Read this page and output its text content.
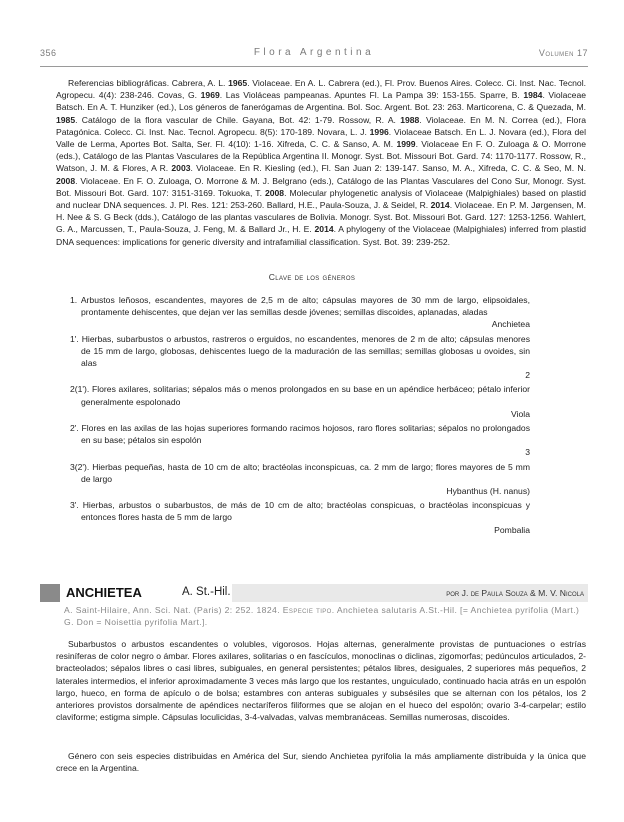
356	Flora Argentina	Volumen 17
Referencias bibliográficas. Cabrera, A. L. 1965. Violaceae. En A. L. Cabrera (ed.), Fl. Prov. Buenos Aires. Colecc. Ci. Inst. Nac. Tecnol. Agropecu. 4(4): 238-246. Covas, G. 1969. Las Violáceas pampeanas. Apuntes Fl. La Pampa 39: 153-155. Sparre, B. 1984. Violaceae Batsch. En A. T. Hunziker (ed.), Los géneros de fanerógamas de Argentina. Bol. Soc. Argent. Bot. 23: 263. Marticorena, C. & Quezada, M. 1985. Catálogo de la flora vascular de Chile. Gayana, Bot. 42: 1-79. Rossow, R. A. 1988. Violaceae. En M. N. Correa (ed.), Flora Patagónica. Colecc. Ci. Inst. Nac. Tecnol. Agropecu. 8(5): 170-189. Novara, L. J. 1996. Violaceae Batsch. En L. J. Novara (ed.), Flora del Valle de Lerma, Aportes Bot. Salta, Ser. Fl. 4(10): 1-16. Xifreda, C. C. & Sanso, A. M. 1999. Violaceae En F. O. Zuloaga & O. Morrone (eds.), Catálogo de las Plantas Vasculares de la República Argentina II. Monogr. Syst. Bot. Missouri Bot. Gard. 74: 1170-1177. Rossow, R., Watson, J. M. & Flores, A R. 2003. Violaceae. En R. Kiesling (ed.), Fl. San Juan 2: 139-147. Sanso, M. A., Xifreda, C. C. & Seo, M. N. 2008. Violaceae. En F. O. Zuloaga, O. Morrone & M. J. Belgrano (eds.), Catálogo de las Plantas Vasculares del Cono Sur, Monogr. Syst. Bot. Missouri Bot. Gard. 107: 3151-3169. Tokuoka, T. 2008. Molecular phylogenetic analysis of Violaceae (Malpighiales) based on plastid and nuclear DNA sequences. J. Pl. Res. 121: 253-260. Ballard, H.E., Paula-Souza, J. & Seidel, R. 2014. Violaceae. En P. M. Jørgensen, M. H. Nee & S. G Beck (dds.), Catálogo de las plantas vasculares de Bolivia. Monogr. Syst. Bot. Missouri Bot. Gard. 127: 1253-1256. Wahlert, G. A., Marcussen, T., Paula-Souza, J. Feng, M. & Ballard Jr., H. E. 2014. A phylogeny of the Violaceae (Malpighiales) inferred from plastid DNA sequences: implications for generic diversity and intrafamilial classification. Syst. Bot. 39: 239-252.
Clave de los géneros
1. Arbustos leñosos, escandentes, mayores de 2,5 m de alto; cápsulas mayores de 30 mm de largo, elipsoidales, prontamente dehiscentes, que dejan ver las semillas desde jóvenes; semillas discoides, aplanadas, aladas
Anchietea
1'. Hierbas, subarbustos o arbustos, rastreros o erguidos, no escandentes, menores de 2 m de alto; cápsulas menores de 15 mm de largo, globosas, dehiscentes luego de la maduración de las semillas; semillas globosas u ovoides, sin alas
2
2(1'). Flores axilares, solitarias; sépalos más o menos prolongados en su base en un apéndice herbáceo; pétalo inferior generalmente espolonado
Viola
2'. Flores en las axilas de las hojas superiores formando racimos hojosos, raro flores solitarias; sépalos no prolongados en su base; pétalos sin espolón
3
3(2'). Hierbas pequeñas, hasta de 10 cm de alto; bractéolas inconspicuas, ca. 2 mm de largo; flores mayores de 5 mm de largo
Hybanthus (H. nanus)
3'. Hierbas, arbustos o subarbustos, de más de 10 cm de alto; bractéolas conspicuas, o bractéolas inconspicuas y entonces flores hasta de 5 mm de largo
Pombalia
ANCHIETEA	A. St.-Hil.	por J. de Paula Souza & M. V. Nicola
A. Saint-Hilaire, Ann. Sci. Nat. (Paris) 2: 252. 1824. Especie tipo. Anchietea salutaris A.St.-Hil. [= Anchietea pyrifolia (Mart.) G. Don = Noisettia pyrifolia Mart.].
Subarbustos o arbustos escandentes o volubles, vigorosos. Hojas alternas, generalmente provistas de puntuaciones o estrías resiníferas de color negro o ámbar. Flores axilares, solitarias o en fascículos, monoclinas o diclinas, zigomorfas; pedúnculos articulados, 2-bracteolados; sépalos libres o casi libres, subiguales, en general persistentes; pétalos libres, desiguales, 2 superiores más pequeños, 2 laterales intermedios, el inferior aproximadamente 3 veces más largo que los restantes, unguiculado, continuado hacia atrás en un espolón largo, hueco, en forma de apículo o de bolsa; estambres con anteras subiguales y subsésiles que se alternan con los pétalos, los 2 anteriores provistos dorsalmente de apéndices nectaríferos filiformes que se alojan en el hueco del espolón; ovario 3-4-carpelar; estilo claviforme; estigma simple. Cápsulas loculicidas, 3-4-valvadas, valvas membranáceas. Semillas numerosas, discoides.
Género con seis especies distribuidas en América del Sur, siendo Anchietea pyrifolia la más ampliamente distribuida y la única que crece en la Argentina.
